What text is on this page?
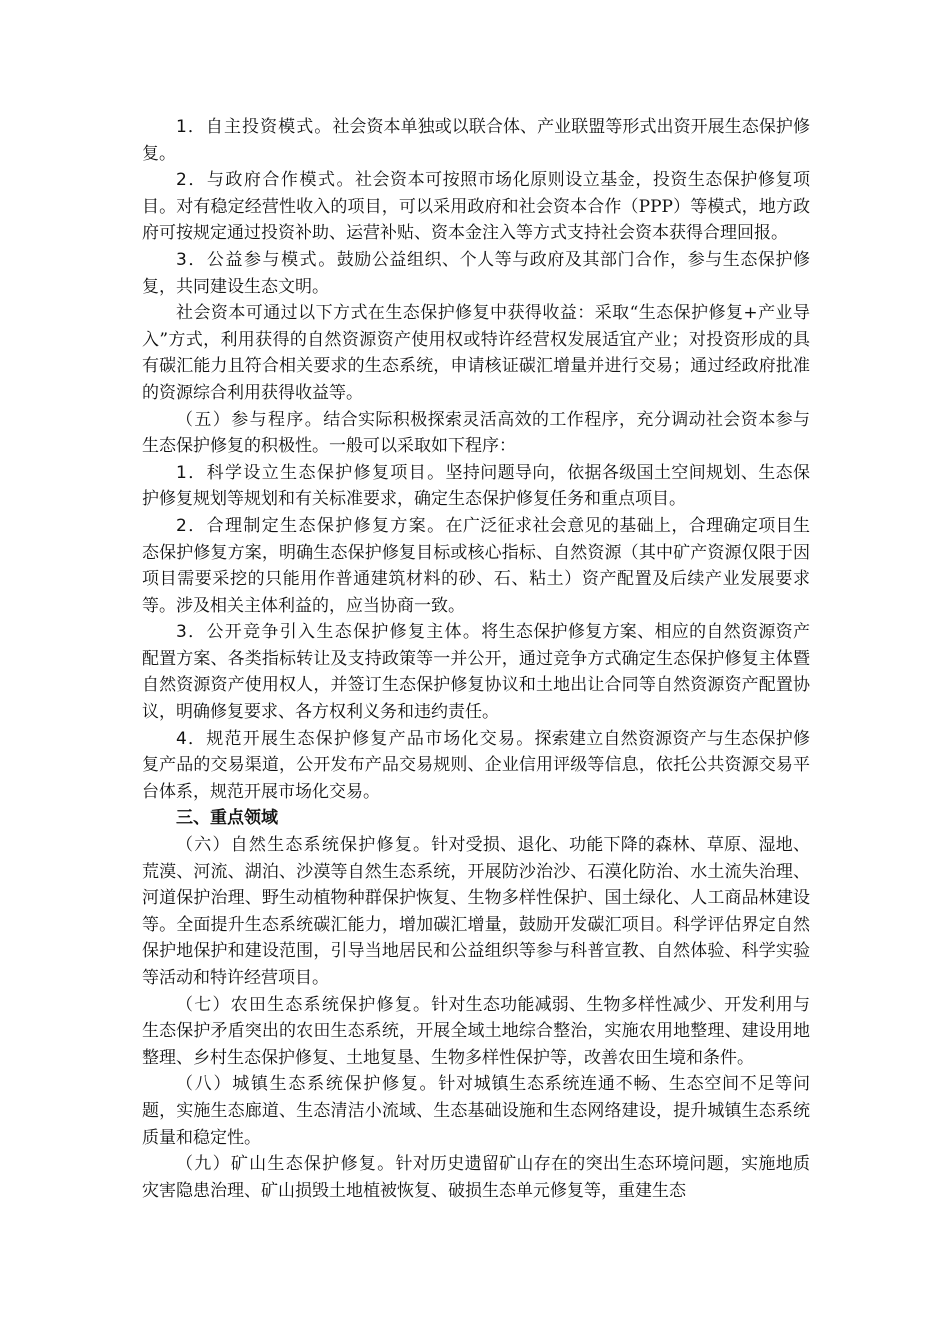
1．自主投资模式。社会资本单独或以联合体、产业联盟等形式出资开展生态保护修复。

2．与政府合作模式。社会资本可按照市场化原则设立基金，投资生态保护修复项目。对有稳定经营性收入的项目，可以采用政府和社会资本合作（PPP）等模式，地方政府可按规定通过投资补助、运营补贴、资本金注入等方式支持社会资本获得合理回报。

3．公益参与模式。鼓励公益组织、个人等与政府及其部门合作，参与生态保护修复，共同建设生态文明。

社会资本可通过以下方式在生态保护修复中获得收益：采取“生态保护修复+产业导入”方式，利用获得的自然资源资产使用权或特许经营权发展适宜产业；对投资形成的具有碳汇能力且符合相关要求的生态系统，申请核证碳汇增量并进行交易；通过经政府批准的资源综合利用获得收益等。

（五）参与程序。结合实际积极探索灵活高效的工作程序，充分调动社会资本参与生态保护修复的积极性。一般可以采取如下程序：

1．科学设立生态保护修复项目。坚持问题导向，依据各级国土空间规划、生态保护修复规划等规划和有关标准要求，确定生态保护修复任务和重点项目。

2．合理制定生态保护修复方案。在广泛征求社会意见的基础上，合理确定项目生态保护修复方案，明确生态保护修复目标或核心指标、自然资源（其中矿产资源仅限于因项目需要采挖的只能用作普通建筑材料的砂、石、粘土）资产配置及后续产业发展要求等。涉及相关主体利益的，应当协商一致。

3．公开竞争引入生态保护修复主体。将生态保护修复方案、相应的自然资源资产配置方案、各类指标转让及支持政策等一并公开，通过竞争方式确定生态保护修复主体暨自然资源资产使用权人，并签订生态保护修复协议和土地出让合同等自然资源资产配置协议，明确修复要求、各方权利义务和违约责任。

4．规范开展生态保护修复产品市场化交易。探索建立自然资源资产与生态保护修复产品的交易渠道，公开发布产品交易规则、企业信用评级等信息，依托公共资源交易平台体系，规范开展市场化交易。

三、重点领域

（六）自然生态系统保护修复。针对受损、退化、功能下降的森林、草原、湿地、荒漠、河流、湖泊、沙漠等自然生态系统，开展防沙治沙、石漠化防治、水土流失治理、河道保护治理、野生动植物种群保护恢复、生物多样性保护、国土绿化、人工商品林建设等。全面提升生态系统碳汇能力，增加碳汇增量，鼓励开发碳汇项目。科学评估界定自然保护地保护和建设范围，引导当地居民和公益组织等参与科普宣教、自然体验、科学实验等活动和特许经营项目。

（七）农田生态系统保护修复。针对生态功能减弱、生物多样性减少、开发利用与生态保护矛盾突出的农田生态系统，开展全域土地综合整治，实施农用地整理、建设用地整理、乡村生态保护修复、土地复垦、生物多样性保护等，改善农田生境和条件。

（八）城镇生态系统保护修复。针对城镇生态系统连通不畅、生态空间不足等问题，实施生态廊道、生态清洁小流域、生态基础设施和生态网络建设，提升城镇生态系统质量和稳定性。

（九）矿山生态保护修复。针对历史遗留矿山存在的突出生态环境问题，实施地质灾害隐患治理、矿山损毁土地植被恢复、破损生态单元修复等，重建生态
